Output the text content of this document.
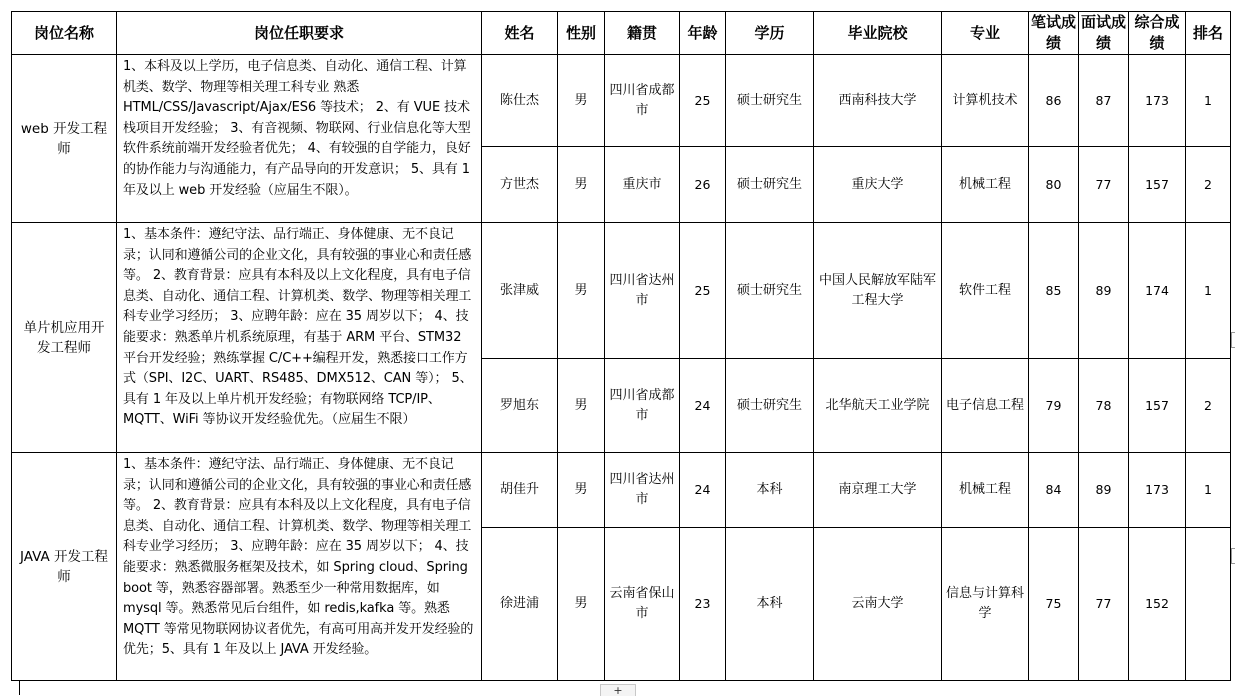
岗位名称	岗位任职要求	姓名	性别	籍贯	年龄	学历	毕业院校	专业	笔试成绩	面试成绩	综合成绩	排名
web 开发工程师	1、本科及以上学历，电子信息类、自动化、通信工程、计算机类、数学、物理等相关理工科专业 熟悉 HTML/CSS/Javascript/Ajax/ES6 等技术； 2、有 VUE 技术栈项目开发经验； 3、有音视频、物联网、行业信息化等大型软件系统前端开发经验者优先； 4、有较强的自学能力，良好的协作能力与沟通能力，有产品导向的开发意识； 5、具有 1 年及以上 web 开发经验（应届生不限）。	陈仕杰	男	四川省成都市	25	硕士研究生	西南科技大学	计算机技术	86	87	173	1
		方世杰	男	重庆市	26	硕士研究生	重庆大学	机械工程	80	77	157	2
单片机应用开发工程师	1、基本条件：遵纪守法、品行端正、身体健康、无不良记录；认同和遵循公司的企业文化，具有较强的事业心和责任感等。 2、教育背景：应具有本科及以上文化程度，具有电子信息类、自动化、通信工程、计算机类、数学、物理等相关理工科专业学习经历； 3、应聘年龄：应在 35 周岁以下； 4、技能要求：熟悉单片机系统原理，有基于 ARM 平台、STM32 平台开发经验；熟练掌握 C/C++编程开发，熟悉接口工作方式（SPI、I2C、UART、RS485、DMX512、CAN 等）； 5、具有 1 年及以上单片机开发经验；有物联网络 TCP/IP、MQTT、WiFi 等协议开发经验优先。（应届生不限）	张津威	男	四川省达州市	25	硕士研究生	中国人民解放军陆军工程大学	软件工程	85	89	174	1
		罗旭东	男	四川省成都市	24	硕士研究生	北华航天工业学院	电子信息工程	79	78	157	2
JAVA 开发工程师	1、基本条件：遵纪守法、品行端正、身体健康、无不良记录；认同和遵循公司的企业文化，具有较强的事业心和责任感等。 2、教育背景：应具有本科及以上文化程度，具有电子信息类、自动化、通信工程、计算机类、数学、物理等相关理工科专业学习经历； 3、应聘年龄：应在 35 周岁以下； 4、技能要求：熟悉微服务框架及技术，如 Spring cloud、Spring boot 等，熟悉容器部署。熟悉至少一种常用数据库，如 mysql 等。熟悉常见后台组件，如 redis,kafka 等。熟悉 MQTT 等常见物联网协议者优先，有高可用高并发开发经验的优先；5、具有 1 年及以上 JAVA 开发经验。	胡佳升	男	四川省达州市	24	本科	南京理工大学	机械工程	84	89	173	1
		徐进浦	男	云南省保山市	23	本科	云南大学	信息与计算科学	75	77	152	
+
